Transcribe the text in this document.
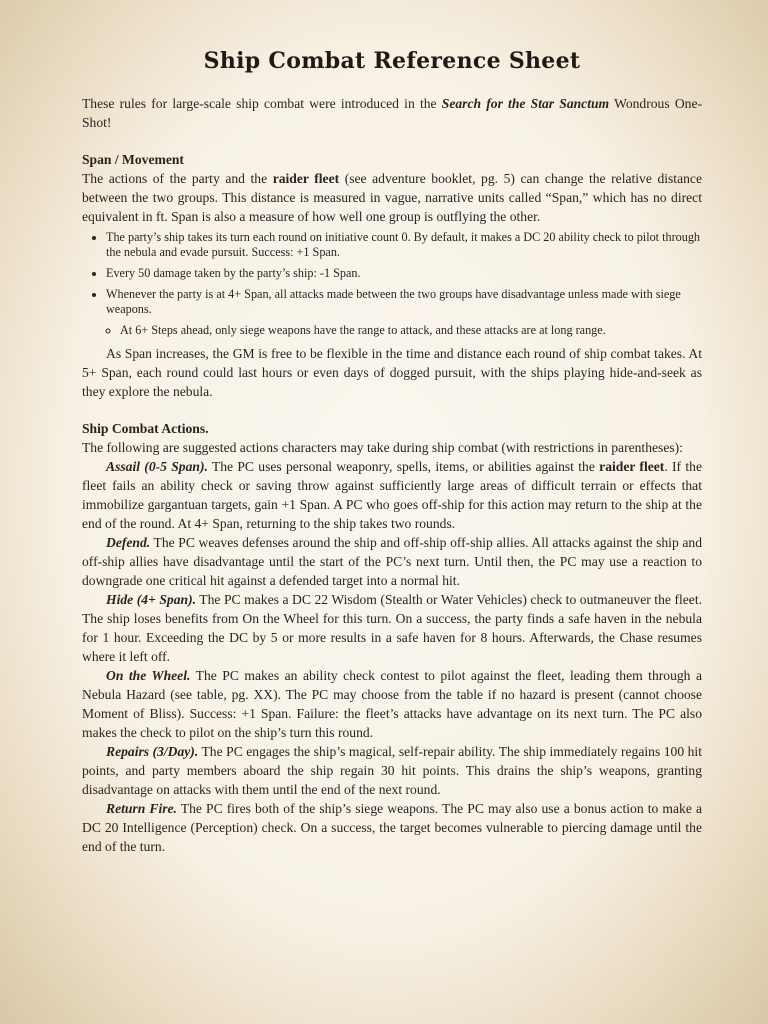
Ship Combat Reference Sheet

These rules for large-scale ship combat were introduced in the Search for the Star Sanctum Wondrous One-Shot!

Span / Movement

The actions of the party and the raider fleet (see adventure booklet, pg. 5) can change the relative distance between the two groups. This distance is measured in vague, narrative units called “Span,” which has no direct equivalent in ft. Span is also a measure of how well one group is outflying the other.

• The party’s ship takes its turn each round on initiative count 0. By default, it makes a DC 20 ability check to pilot through the nebula and evade pursuit. Success: +1 Span.
• Every 50 damage taken by the party’s ship: -1 Span.
• Whenever the party is at 4+ Span, all attacks made between the two groups have disadvantage unless made with siege weapons.
◦ At 6+ Steps ahead, only siege weapons have the range to attack, and these attacks are at long range.

As Span increases, the GM is free to be flexible in the time and distance each round of ship combat takes. At 5+ Span, each round could last hours or even days of dogged pursuit, with the ships playing hide-and-seek as they explore the nebula.

Ship Combat Actions.

The following are suggested actions characters may take during ship combat (with restrictions in parentheses):

Assail (0-5 Span). The PC uses personal weaponry, spells, items, or abilities against the raider fleet. If the fleet fails an ability check or saving throw against sufficiently large areas of difficult terrain or effects that immobilize gargantuan targets, gain +1 Span. A PC who goes off-ship for this action may return to the ship at the end of the round. At 4+ Span, returning to the ship takes two rounds.

Defend. The PC weaves defenses around the ship and off-ship off-ship allies. All attacks against the ship and off-ship allies have disadvantage until the start of the PC’s next turn. Until then, the PC may use a reaction to downgrade one critical hit against a defended target into a normal hit.

Hide (4+ Span). The PC makes a DC 22 Wisdom (Stealth or Water Vehicles) check to outmaneuver the fleet. The ship loses benefits from On the Wheel for this turn. On a success, the party finds a safe haven in the nebula for 1 hour. Exceeding the DC by 5 or more results in a safe haven for 8 hours. Afterwards, the Chase resumes where it left off.

On the Wheel. The PC makes an ability check contest to pilot against the fleet, leading them through a Nebula Hazard (see table, pg. XX). The PC may choose from the table if no hazard is present (cannot choose Moment of Bliss). Success: +1 Span. Failure: the fleet’s attacks have advantage on its next turn. The PC also makes the check to pilot on the ship’s turn this round.

Repairs (3/Day). The PC engages the ship’s magical, self-repair ability. The ship immediately regains 100 hit points, and party members aboard the ship regain 30 hit points. This drains the ship’s weapons, granting disadvantage on attacks with them until the end of the next round.

Return Fire. The PC fires both of the ship’s siege weapons. The PC may also use a bonus action to make a DC 20 Intelligence (Perception) check. On a success, the target becomes vulnerable to piercing damage until the end of the turn.
